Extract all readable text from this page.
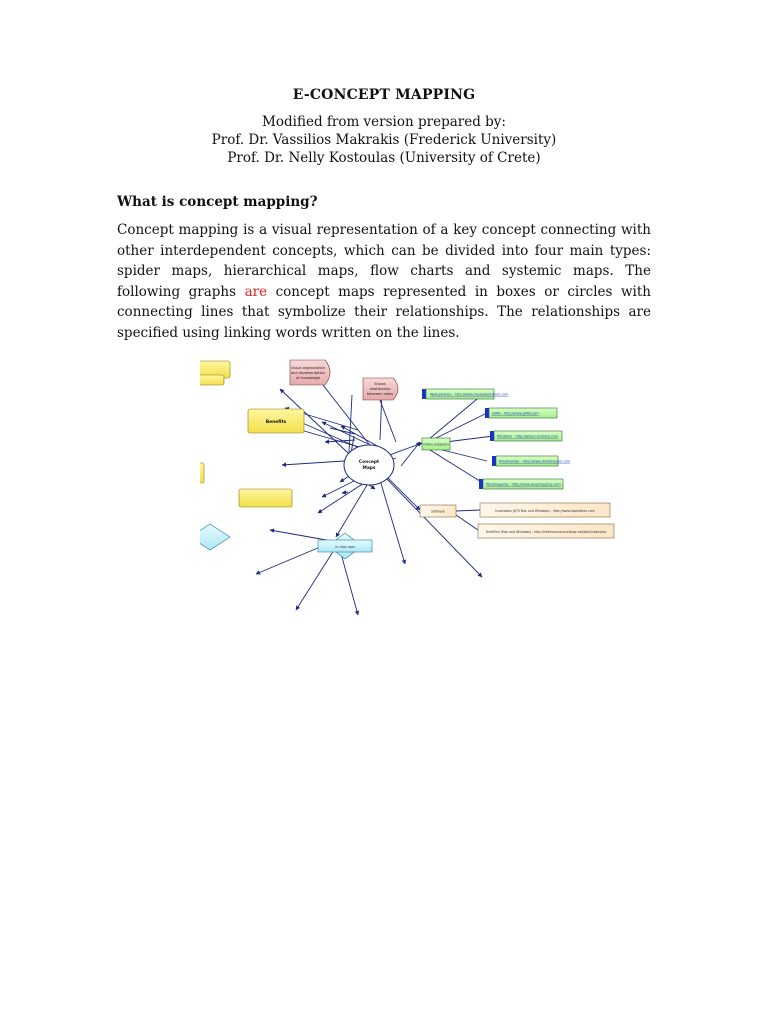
E-CONCEPT MAPPING
Modified from version prepared by:
Prof. Dr. Vassilios Makrakis (Frederick University)
Prof. Dr. Nelly Kostoulas (University of Crete)
What is concept mapping?
Concept mapping is a visual representation of a key concept connecting with other interdependent concepts, which can be divided into four main types: spider maps, hierarchical maps, flow charts and systemic maps. The following graphs are concept maps represented in boxes or circles with connecting lines that symbolize their relationships. The relationships are specified using linking words written on the lines.
Benefits
Concept
Maps
visual organization
and representation
of knowledge
Shows
relationship
between ideas
Online programs
Webspiration - http://www.mywebspiration.com
Gliffy - http://www.gliffy.com
Mindomo - http://www.mindomo.com
Mindmeister - http://www.mindmeister.com
Wisemapping - http://www.wisemapping.com
Software	Inspiration ($75 Mac and Windows) - http://www.inspiration.com
FreeMind (Mac and Windows) - http://freemind.sourceforge.net/wiki/index.php
In class uses
